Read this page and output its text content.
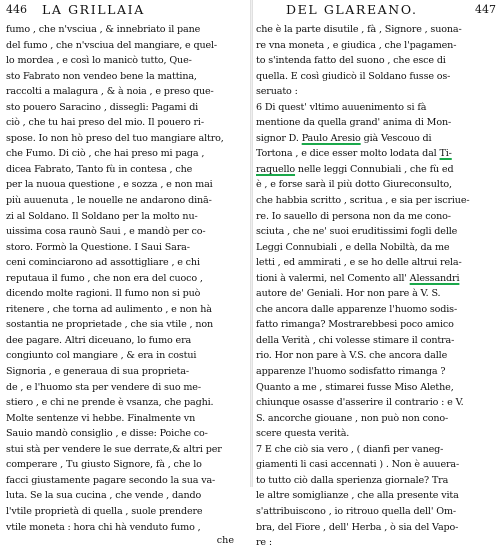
446 LA GRILLAIA
fumo , che n'vsciua , & innebriato il pane
del fumo , che n'vsciua del mangiare, e quel-
lo mordea , e così lo manicò tutto, Que-
sto Fabrato non vendeo bene la mattina,
raccolti a malagura , & à noia , e preso que-
sto pouero Saracino , dissegli: Pagami di
ciò , che tu hai preso del mio. Il pouero ri-
spose. Io non hò preso del tuo mangiare altro,
che Fumo. Di ciò , che hai preso mi paga ,
dicea Fabrato, Tanto fù in contesa , che
per la nuoua questione , e sozza , e non mai
più auuenuta , le nouelle ne andarono dinā-
zi al Soldano. Il Soldano per la molto nu-
uissima cosa raunò Saui , e mandò per co-
storo. Formò la Questione. I Saui Sara-
ceni cominciarono ad assottigliare , e chi
reputaua il fumo , che non era del cuoco ,
dicendo molte ragioni. Il fumo non si può
ritenere , che torna ad aulimento , e non hà
sostantia ne proprietade , che sia vtile , non
dee pagare. Altri diceuano, lo fumo era
congiunto col mangiare , & era in costui
Signoria , e generaua di sua proprieta-
de , e l'huomo sta per vendere di suo me-
stiero , e chi ne prende è vsanza, che paghi.
Molte sentenze vi hebbe. Finalmente vn
Sauio mandò consiglio , e disse: Poiche co-
stui stà per vendere le sue derrate,& altri per
comperare , Tu giusto Signore, fà , che lo
facci giustamente pagare secondo la sua va-
luta. Se la sua cucina , che vende , dando
l'vtile proprietà di quella , suole prendere
vtile moneta : hora chi hà venduto fumo ,
che
DEL GLAREANO.	447
che è la parte disutile , fà , Signore , suona-
re vna moneta , e giudica , che l'pagamen-
to s'intenda fatto del suono , che esce di
quella. E così giudicò il Soldano fusse os-
seruato :
6 Di quest' vltimo auuenimento si fà
mentione da quella grand' anima di Mon-
signor D. Paulo Aresio già Vescouo di
Tortona , e dice esser molto lodata dal Ti-
raquello nelle leggi Connubiali , che fù ed
è , e forse sarà il più dotto Giureconsulto,
che habbia scritto , scritua , e sia per iscriue-
re. Io sauello di persona non da me cono-
sciuta , che ne' suoi eruditissimi fogli delle
Leggi Connubiali , e della Nobiltà, da me
letti , ed ammirati , e se ho delle altrui rela-
tioni à valermi, nel Comento all' Alessandri
autore de' Geniali. Hor non pare à V. S.
che ancora dalle apparenze l'huomo sodis-
fatto rimanga? Mostrarebbesi poco amico
della Verità , chi volesse stimare il contra-
rio. Hor non pare à V.S. che ancora dalle
apparenze l'huomo sodisfatto rimanga ?
Quanto a me , stimarei fusse Miso Alethe,
chiunque osasse d'asserire il contrario : e V.
S. ancorche giouane , non può non cono-
scere questa verità.
7 E che ciò sia vero , ( dianfi per vaneg-
giamenti li casi accennati ) . Non è auuera-
to tutto ciò dalla sperienza giornale? Tra
le altre somiglianze , che alla presente vita
s'attribuiscono , io ritrouo quella dell' Om-
bra, del Fiore , dell' Herba , ò sia del Vapo-
re :
